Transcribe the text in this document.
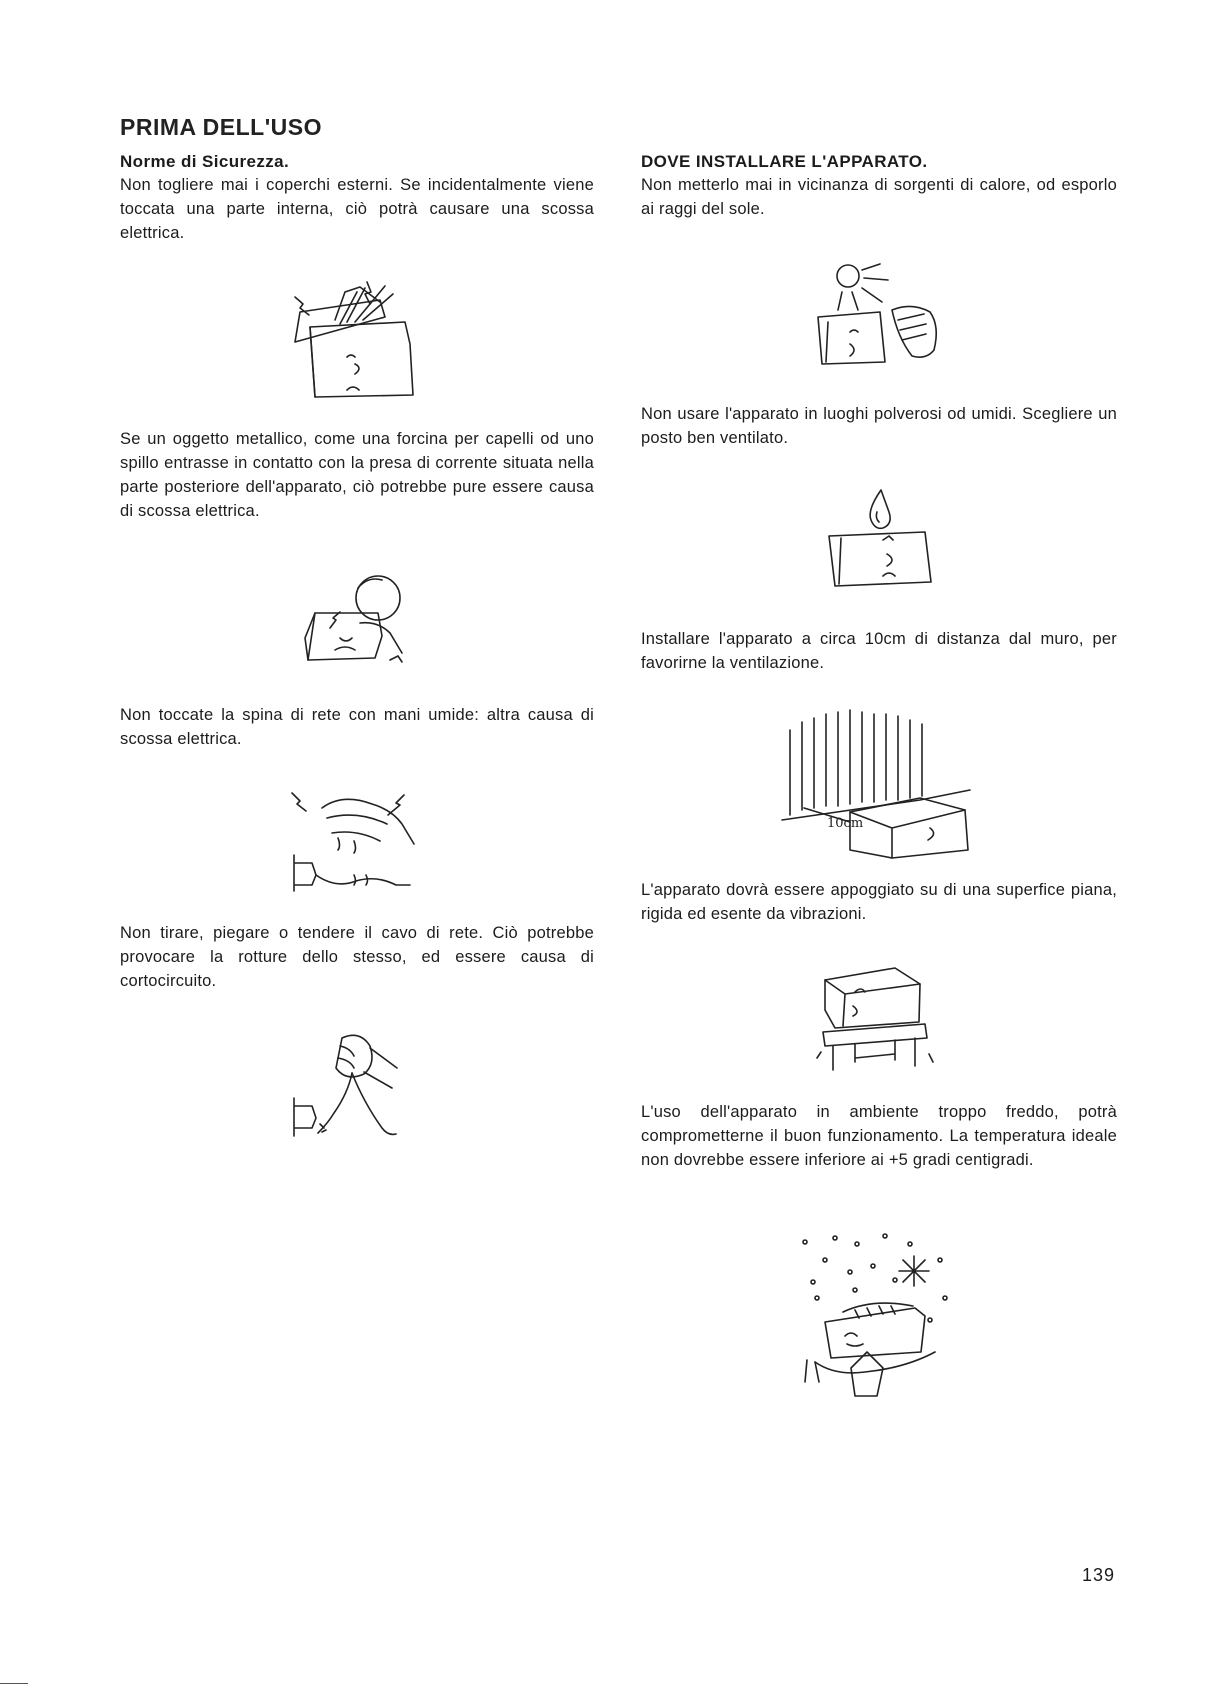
PRIMA DELL'USO
Norme di Sicurezza.

Non togliere mai i coperchi esterni. Se incidentalmente viene toccata una parte interna, ciò potrà causare una scossa elettrica.

Se un oggetto metallico, come una forcina per capelli od uno spillo entrasse in contatto con la presa di corrente situata nella parte posteriore dell'apparato, ciò potrebbe pure essere causa di scossa elettrica.

Non toccate la spina di rete con mani umide: altra causa di scossa elettrica.

Non tirare, piegare o tendere il cavo di rete. Ciò potrebbe provocare la rotture dello stesso, ed essere causa di cortocircuito.

DOVE INSTALLARE L'APPARATO.

Non metterlo mai in vicinanza di sorgenti di calore, od esporlo ai raggi del sole.

Non usare l'apparato in luoghi polverosi od umidi. Scegliere un posto ben ventilato.

Installare l'apparato a circa 10cm di distanza dal muro, per favorirne la ventilazione.

10cm

L'apparato dovrà essere appoggiato su di una superfice piana, rigida ed esente da vibrazioni.

L'uso dell'apparato in ambiente troppo freddo, potrà comprometterne il buon funzionamento. La temperatura ideale non dovrebbe essere inferiore ai +5 gradi centigradi.

139
